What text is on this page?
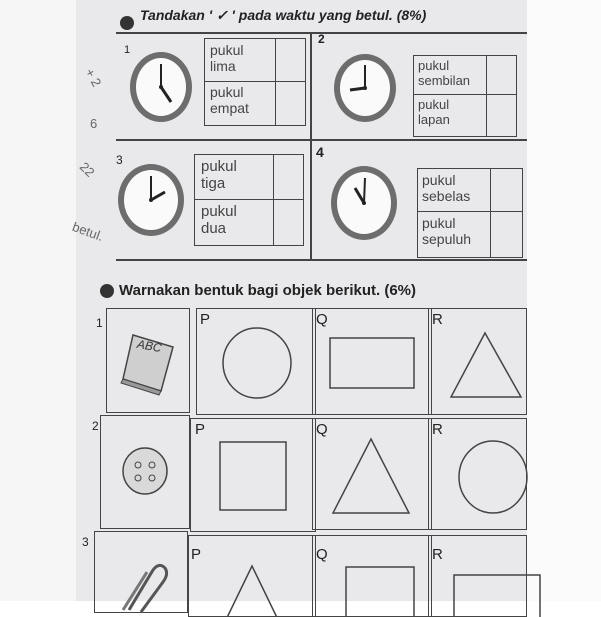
Tandakan ' ✓ ' pada waktu yang betul. (8%)
1	pukul
lima
pukul
empat
2
pukul
sembilan
pukul
lapan
3	pukul
tiga
pukul
dua
4
pukul
sebelas
pukul
sepuluh
Warnakan bentuk bagi objek berikut. (6%)
1
ABC
P	Q	R
2	P	Q	R
3
P	Q	R
+ 2
6
22
betul.
